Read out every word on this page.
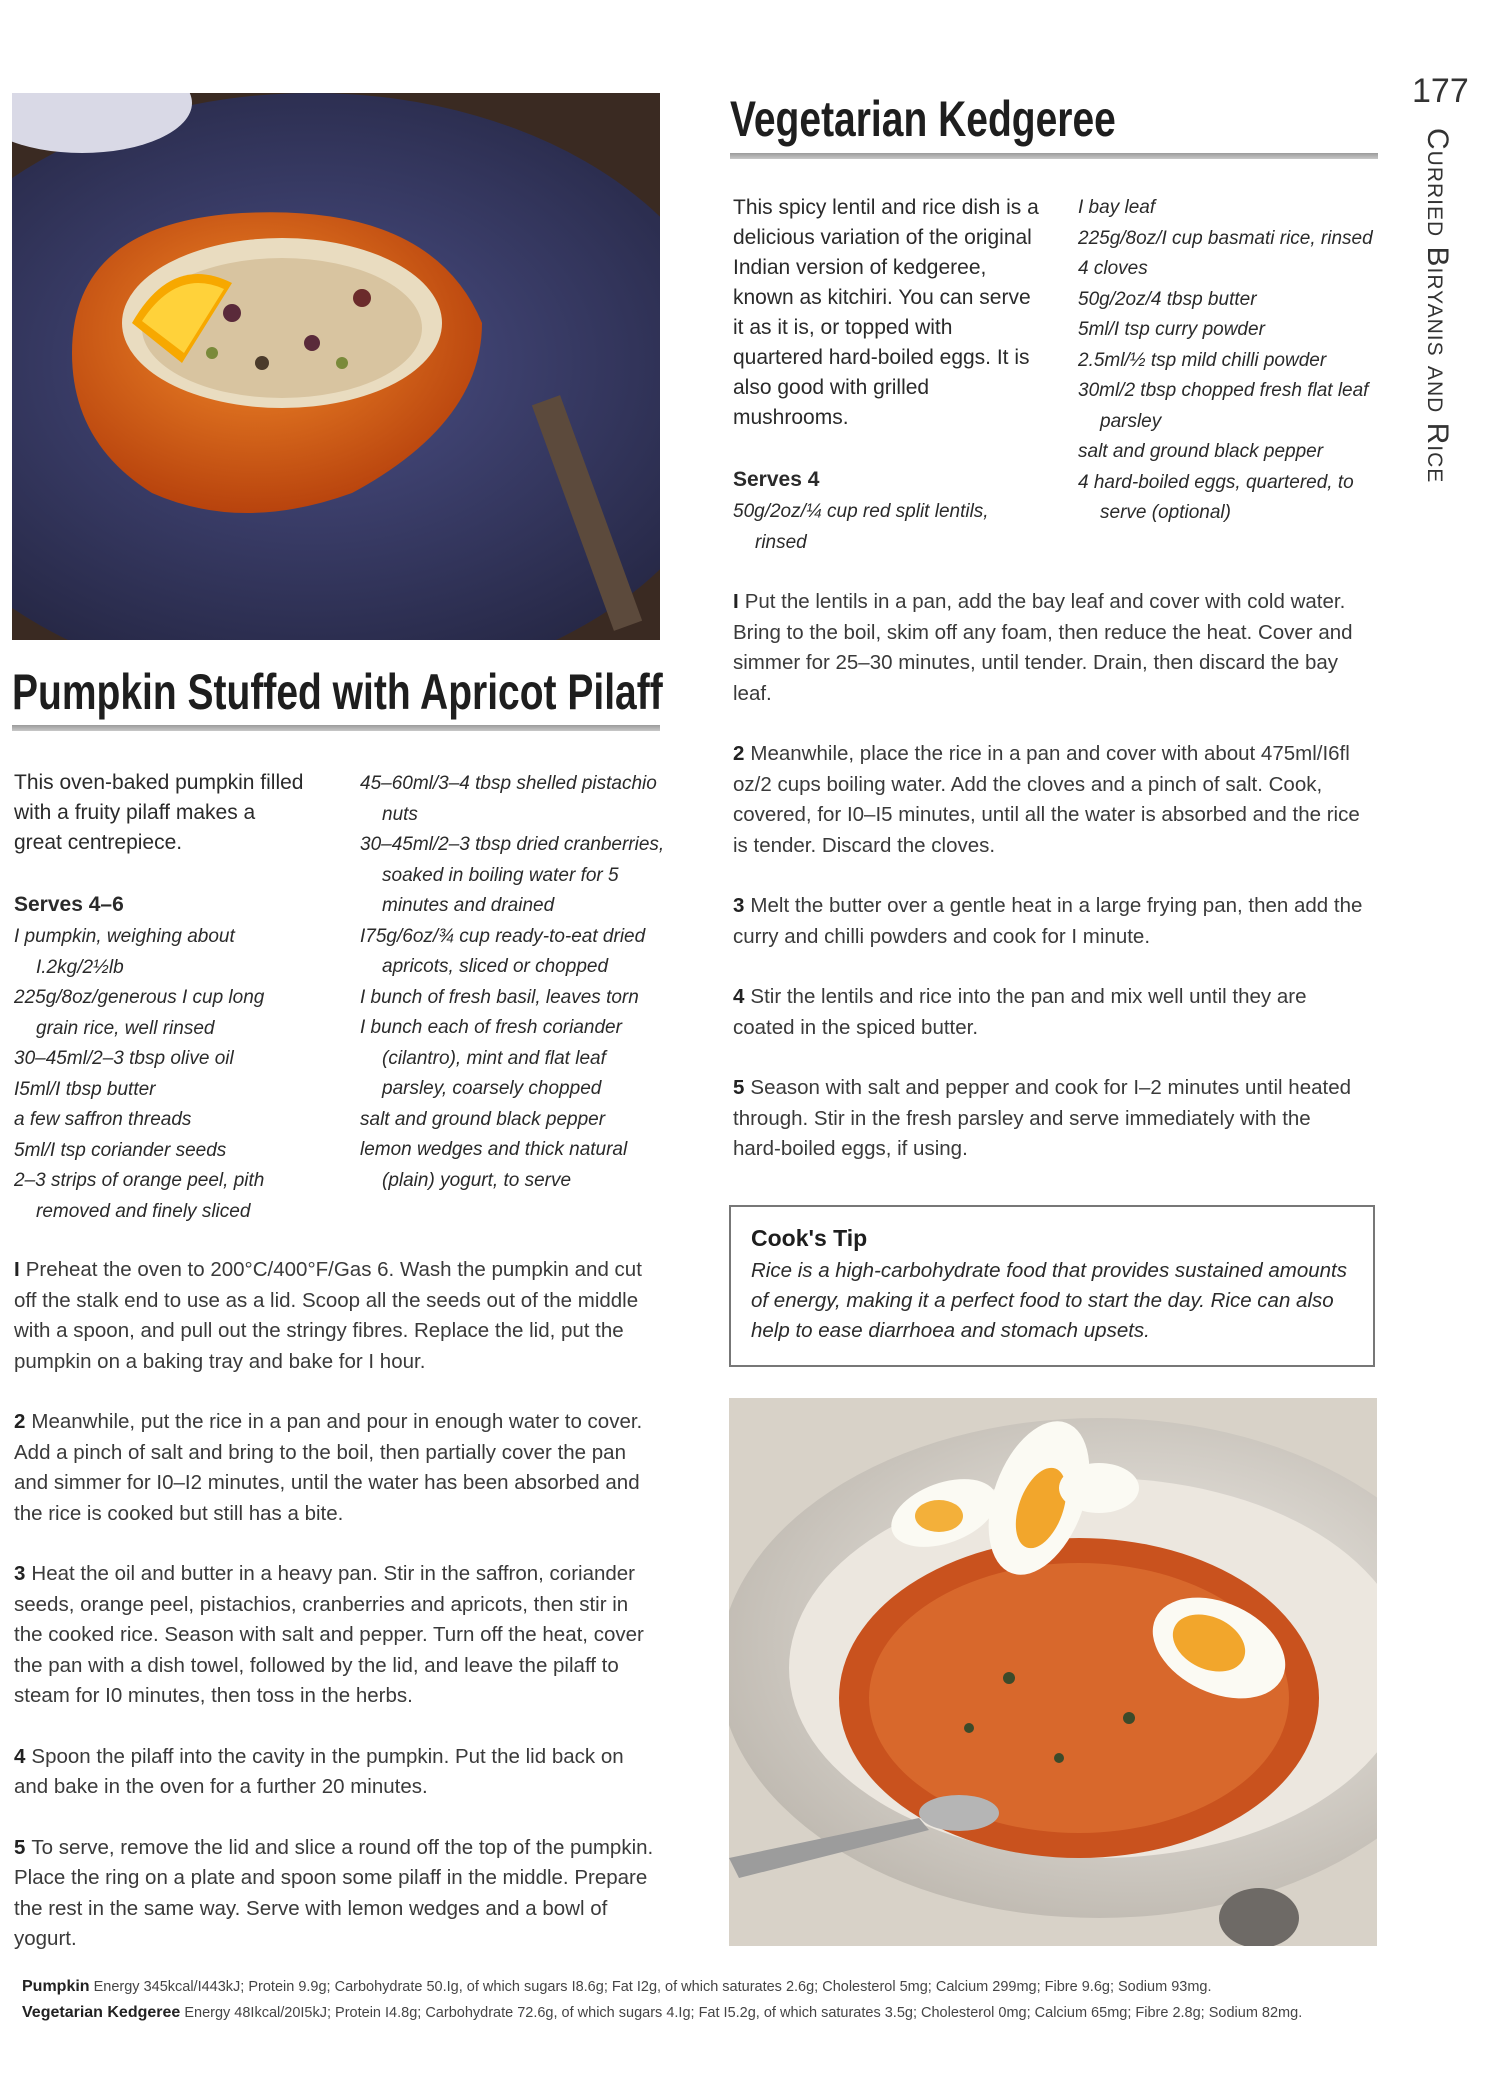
177
Curried Biryanis and Rice
Vegetarian Kedgeree
This spicy lentil and rice dish is a delicious variation of the original Indian version of kedgeree, known as kitchiri. You can serve it as it is, or topped with quartered hard-boiled eggs. It is also good with grilled mushrooms.
Serves 4
50g/2oz/¼ cup red split lentils, rinsed
I bay leaf
225g/8oz/I cup basmati rice, rinsed
4 cloves
50g/2oz/4 tbsp butter
5ml/I tsp curry powder
2.5ml/½ tsp mild chilli powder
30ml/2 tbsp chopped fresh flat leaf parsley
salt and ground black pepper
4 hard-boiled eggs, quartered, to serve (optional)

I Put the lentils in a pan, add the bay leaf and cover with cold water. Bring to the boil, skim off any foam, then reduce the heat. Cover and simmer for 25–30 minutes, until tender. Drain, then discard the bay leaf.

2 Meanwhile, place the rice in a pan and cover with about 475ml/I6fl oz/2 cups boiling water. Add the cloves and a pinch of salt. Cook, covered, for I0–I5 minutes, until all the water is absorbed and the rice is tender. Discard the cloves.

3 Melt the butter over a gentle heat in a large frying pan, then add the curry and chilli powders and cook for I minute.

4 Stir the lentils and rice into the pan and mix well until they are coated in the spiced butter.

5 Season with salt and pepper and cook for I–2 minutes until heated through. Stir in the fresh parsley and serve immediately with the hard-boiled eggs, if using.

Cook's Tip

Rice is a high-carbohydrate food that provides sustained amounts of energy, making it a perfect food to start the day. Rice can also help to ease diarrhoea and stomach upsets.

Pumpkin Stuffed with Apricot Pilaff
This oven-baked pumpkin filled with a fruity pilaff makes a great centrepiece.
Serves 4–6
I pumpkin, weighing about I.2kg/2½lb
225g/8oz/generous I cup long grain rice, well rinsed
30–45ml/2–3 tbsp olive oil
I5ml/I tbsp butter
a few saffron threads
5ml/I tsp coriander seeds
2–3 strips of orange peel, pith removed and finely sliced
45–60ml/3–4 tbsp shelled pistachio nuts
30–45ml/2–3 tbsp dried cranberries, soaked in boiling water for 5 minutes and drained
I75g/6oz/¾ cup ready-to-eat dried apricots, sliced or chopped
I bunch of fresh basil, leaves torn
I bunch each of fresh coriander (cilantro), mint and flat leaf parsley, coarsely chopped
salt and ground black pepper
lemon wedges and thick natural (plain) yogurt, to serve

I Preheat the oven to 200°C/400°F/Gas 6. Wash the pumpkin and cut off the stalk end to use as a lid. Scoop all the seeds out of the middle with a spoon, and pull out the stringy fibres. Replace the lid, put the pumpkin on a baking tray and bake for I hour.

2 Meanwhile, put the rice in a pan and pour in enough water to cover. Add a pinch of salt and bring to the boil, then partially cover the pan and simmer for I0–I2 minutes, until the water has been absorbed and the rice is cooked but still has a bite.

3 Heat the oil and butter in a heavy pan. Stir in the saffron, coriander seeds, orange peel, pistachios, cranberries and apricots, then stir in the cooked rice. Season with salt and pepper. Turn off the heat, cover the pan with a dish towel, followed by the lid, and leave the pilaff to steam for I0 minutes, then toss in the herbs.

4 Spoon the pilaff into the cavity in the pumpkin. Put the lid back on and bake in the oven for a further 20 minutes.

5 To serve, remove the lid and slice a round off the top of the pumpkin. Place the ring on a plate and spoon some pilaff in the middle. Prepare the rest in the same way. Serve with lemon wedges and a bowl of yogurt.

Pumpkin Energy 345kcal/I443kJ; Protein 9.9g; Carbohydrate 50.Ig, of which sugars I8.6g; Fat I2g, of which saturates 2.6g; Cholesterol 5mg; Calcium 299mg; Fibre 9.6g; Sodium 93mg.
Vegetarian Kedgeree Energy 48Ikcal/20I5kJ; Protein I4.8g; Carbohydrate 72.6g, of which sugars 4.Ig; Fat I5.2g, of which saturates 3.5g; Cholesterol 0mg; Calcium 65mg; Fibre 2.8g; Sodium 82mg.
